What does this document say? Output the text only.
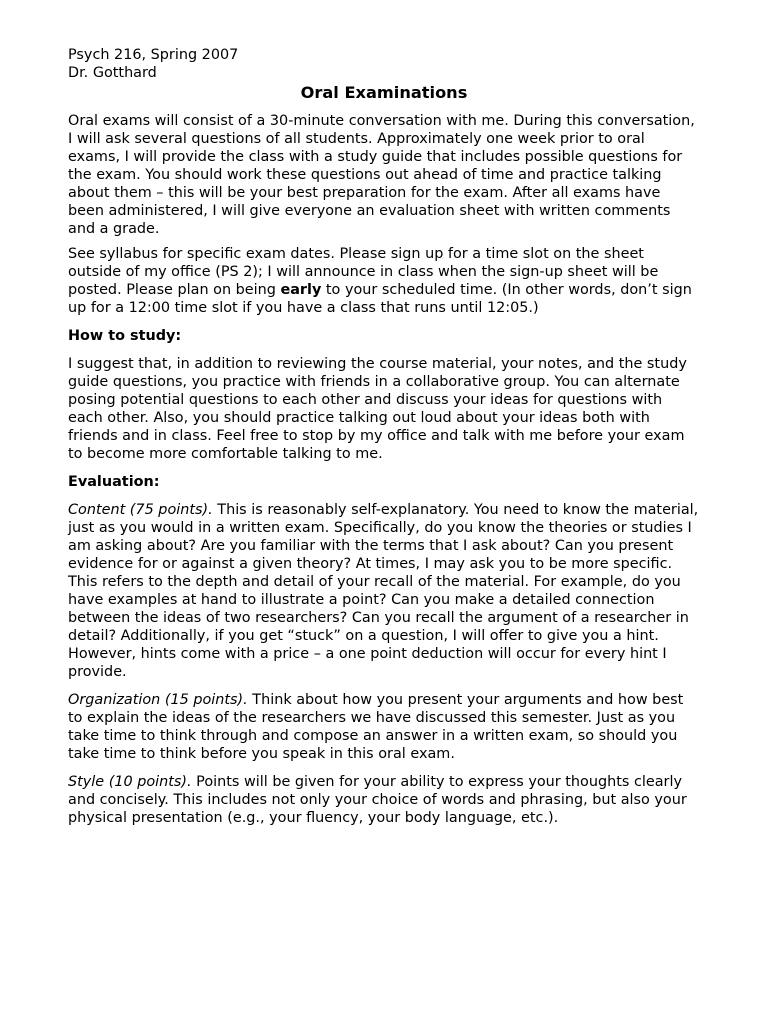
Psych 216, Spring 2007
Dr. Gotthard
Oral Examinations

Oral exams will consist of a 30-minute conversation with me. During this conversation, I will ask several questions of all students. Approximately one week prior to oral exams, I will provide the class with a study guide that includes possible questions for the exam. You should work these questions out ahead of time and practice talking about them – this will be your best preparation for the exam. After all exams have been administered, I will give everyone an evaluation sheet with written comments and a grade.

See syllabus for specific exam dates. Please sign up for a time slot on the sheet outside of my office (PS 2); I will announce in class when the sign-up sheet will be posted. Please plan on being early to your scheduled time. (In other words, don’t sign up for a 12:00 time slot if you have a class that runs until 12:05.)

How to study:

I suggest that, in addition to reviewing the course material, your notes, and the study guide questions, you practice with friends in a collaborative group. You can alternate posing potential questions to each other and discuss your ideas for questions with each other. Also, you should practice talking out loud about your ideas both with friends and in class. Feel free to stop by my office and talk with me before your exam to become more comfortable talking to me.

Evaluation:

Content (75 points). This is reasonably self-explanatory. You need to know the material, just as you would in a written exam. Specifically, do you know the theories or studies I am asking about? Are you familiar with the terms that I ask about? Can you present evidence for or against a given theory? At times, I may ask you to be more specific. This refers to the depth and detail of your recall of the material. For example, do you have examples at hand to illustrate a point? Can you make a detailed connection between the ideas of two researchers? Can you recall the argument of a researcher in detail? Additionally, if you get “stuck” on a question, I will offer to give you a hint. However, hints come with a price – a one point deduction will occur for every hint I provide.

Organization (15 points). Think about how you present your arguments and how best to explain the ideas of the researchers we have discussed this semester. Just as you take time to think through and compose an answer in a written exam, so should you take time to think before you speak in this oral exam.

Style (10 points). Points will be given for your ability to express your thoughts clearly and concisely. This includes not only your choice of words and phrasing, but also your physical presentation (e.g., your fluency, your body language, etc.).
